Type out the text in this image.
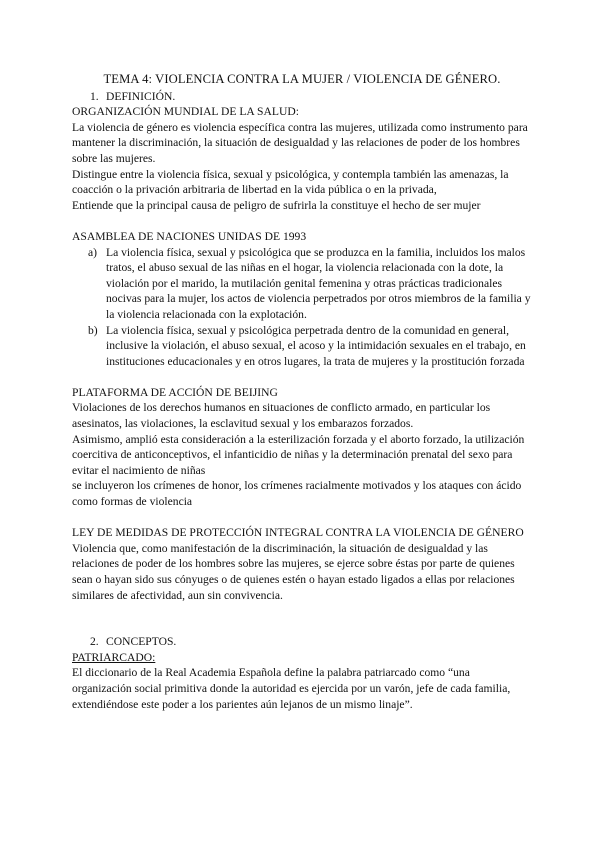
TEMA 4: VIOLENCIA CONTRA LA MUJER / VIOLENCIA DE GÉNERO.

1. DEFINICIÓN.

ORGANIZACIÓN MUNDIAL DE LA SALUD:

La violencia de género es violencia específica contra las mujeres, utilizada como instrumento para mantener la discriminación, la situación de desigualdad y las relaciones de poder de los hombres sobre las mujeres.

Distingue entre la violencia física, sexual y psicológica, y contempla también las amenazas, la coacción o la privación arbitraria de libertad en la vida pública o en la privada,

Entiende que la principal causa de peligro de sufrirla la constituye el hecho de ser mujer

ASAMBLEA DE NACIONES UNIDAS DE 1993

a) La violencia física, sexual y psicológica que se produzca en la familia, incluidos los malos tratos, el abuso sexual de las niñas en el hogar, la violencia relacionada con la dote, la violación por el marido, la mutilación genital femenina y otras prácticas tradicionales nocivas para la mujer, los actos de violencia perpetrados por otros miembros de la familia y la violencia relacionada con la explotación.
b) La violencia física, sexual y psicológica perpetrada dentro de la comunidad en general, inclusive la violación, el abuso sexual, el acoso y la intimidación sexuales en el trabajo, en instituciones educacionales y en otros lugares, la trata de mujeres y la prostitución forzada

PLATAFORMA DE ACCIÓN DE BEIJING

Violaciones de los derechos humanos en situaciones de conflicto armado, en particular los asesinatos, las violaciones, la esclavitud sexual y los embarazos forzados.

Asimismo, amplió esta consideración a la esterilización forzada y el aborto forzado, la utilización coercitiva de anticonceptivos, el infanticidio de niñas y la determinación prenatal del sexo para evitar el nacimiento de niñas

se incluyeron los crímenes de honor, los crímenes racialmente motivados y los ataques con ácido como formas de violencia

LEY DE MEDIDAS DE PROTECCIÓN INTEGRAL CONTRA LA VIOLENCIA DE GÉNERO

Violencia que, como manifestación de la discriminación, la situación de desigualdad y las relaciones de poder de los hombres sobre las mujeres, se ejerce sobre éstas por parte de quienes sean o hayan sido sus cónyuges o de quienes estén o hayan estado ligados a ellas por relaciones similares de afectividad, aun sin convivencia.

2. CONCEPTOS.

PATRIARCADO:

El diccionario de la Real Academia Española define la palabra patriarcado como “una organización social primitiva donde la autoridad es ejercida por un varón, jefe de cada familia, extendiéndose este poder a los parientes aún lejanos de un mismo linaje”.
